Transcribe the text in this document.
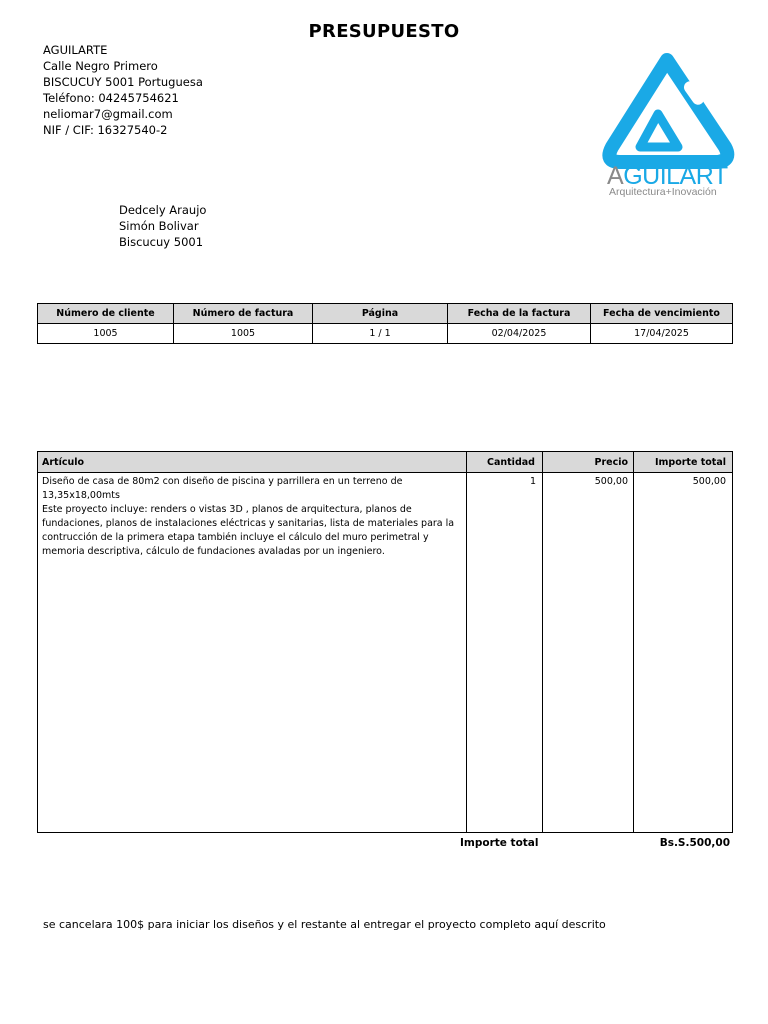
PRESUPUESTO
AGUILARTE
Calle Negro Primero
BISCUCUY 5001 Portuguesa
Teléfono: 04245754621
neliomar7@gmail.com
NIF / CIF: 16327540-2
AGUILART
Arquitectura+Inovación
Dedcely Araujo
Simón Bolivar
Biscucuy 5001
Número de cliente	Número de factura	Página	Fecha de la factura	Fecha de vencimiento
1005	1005	1 / 1	02/04/2025	17/04/2025
Artículo	Cantidad	Precio	Importe total
Diseño de casa de 80m2 con diseño de piscina y parrillera en un terreno de
13,35x18,00mts
Este proyecto incluye: renders o vistas 3D , planos de arquitectura, planos de
fundaciones, planos de instalaciones eléctricas y sanitarias, lista de materiales para la
contrucción de la primera etapa también incluye el cálculo del muro perimetral y
memoria descriptiva, cálculo de fundaciones avaladas por un ingeniero.
1	500,00	500,00
Importe total	Bs.S.500,00
se cancelara 100$ para iniciar los diseños y el restante al entregar el proyecto completo aquí descrito
